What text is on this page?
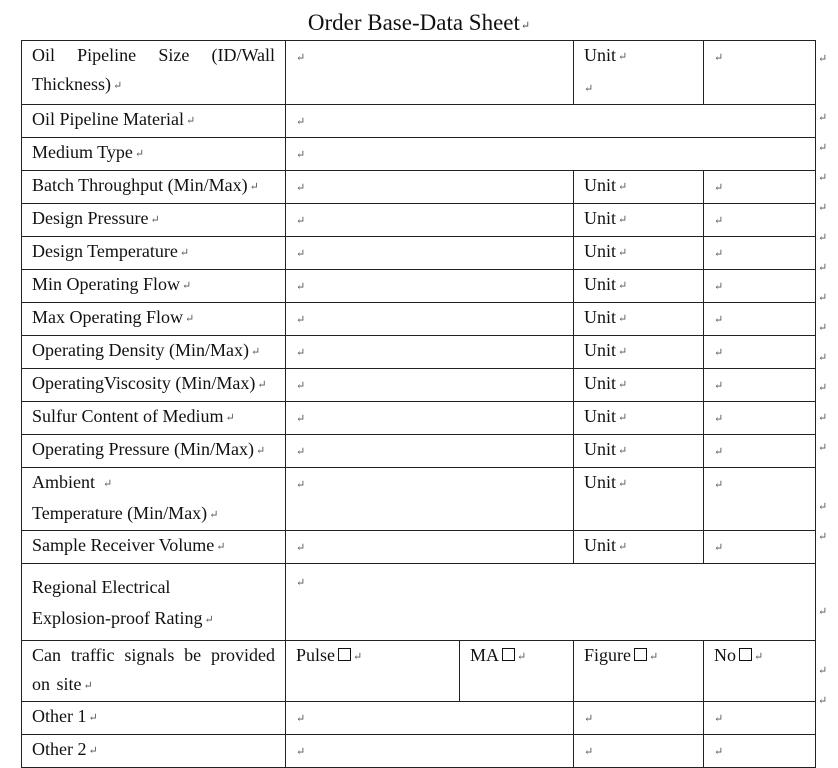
Order Base-Data Sheet↵
Oil Pipeline Size (ID/Wall Thickness) ↵	↵		Unit ↵
↵	↵
Oil Pipeline Material ↵	↵			
Medium Type ↵	↵			
Batch Throughput (Min/Max) ↵	↵		Unit ↵	↵
Design Pressure ↵	↵		Unit ↵	↵
Design Temperature ↵	↵		Unit ↵	↵
Min Operating Flow ↵	↵		Unit ↵	↵
Max Operating Flow ↵	↵		Unit ↵	↵
Operating Density (Min/Max) ↵	↵		Unit ↵	↵
OperatingViscosity (Min/Max) ↵	↵		Unit ↵	↵
Sulfur Content of Medium ↵	↵		Unit ↵	↵
Operating Pressure (Min/Max) ↵	↵		Unit ↵	↵
Ambient ↵
Temperature (Min/Max) ↵	↵		Unit ↵	↵
Sample Receiver Volume ↵	↵		Unit ↵	↵

Regional Electrical
Explosion-proof Rating ↵	↵			
Can traffic signals be provided on site ↵	Pulse ↵	MA ↵	Figure ↵	No ↵
Other 1 ↵	↵		↵	↵
Other 2 ↵	↵		↵	↵
↵
↵
↵
↵
↵
↵
↵
↵
↵
↵
↵
↵
↵
↵
↵
↵
↵
↵
